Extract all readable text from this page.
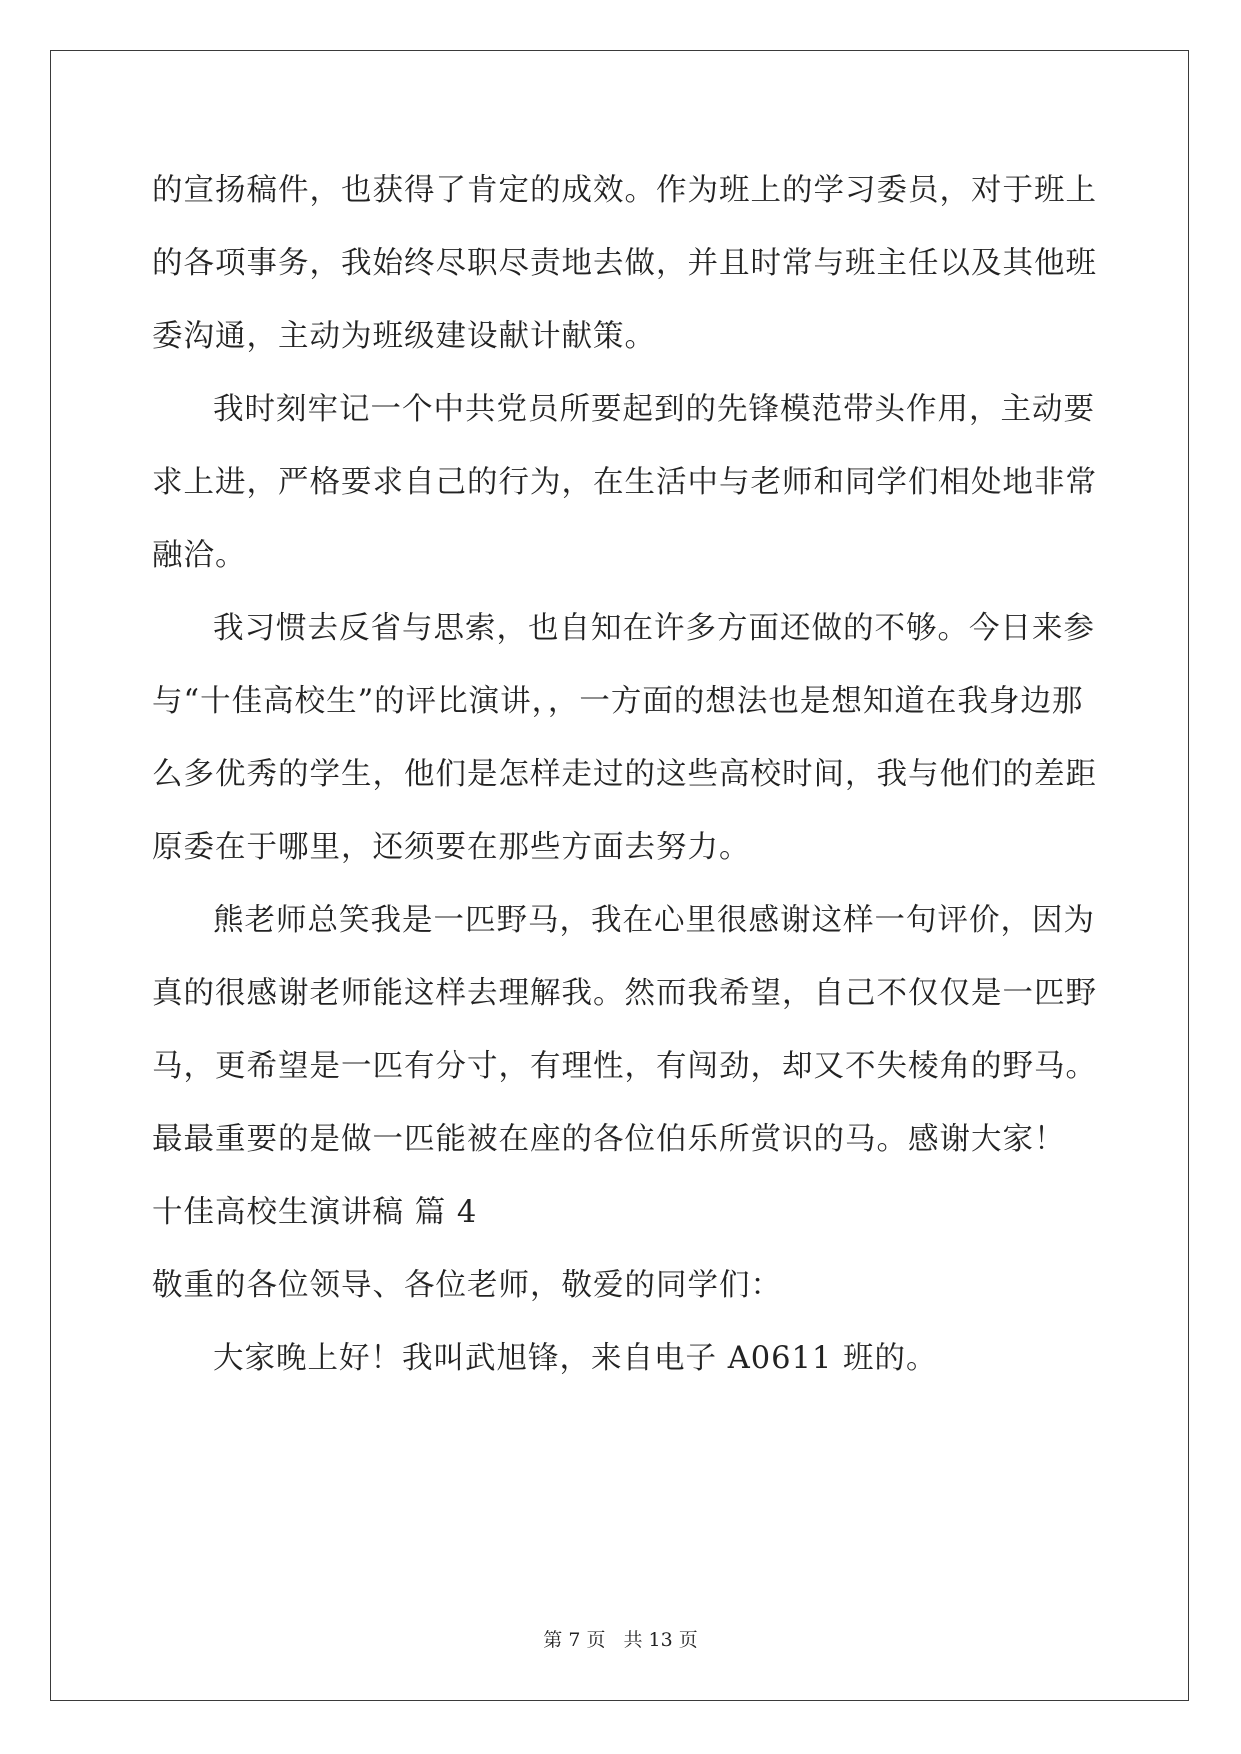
的宣扬稿件，也获得了肯定的成效。作为班上的学习委员，对于班上
的各项事务，我始终尽职尽责地去做，并且时常与班主任以及其他班
委沟通，主动为班级建设献计献策。
我时刻牢记一个中共党员所要起到的先锋模范带头作用，主动要
求上进，严格要求自己的行为，在生活中与老师和同学们相处地非常
融洽。
我习惯去反省与思索，也自知在许多方面还做的不够。今日来参
与“十佳高校生”的评比演讲，，一方面的想法也是想知道在我身边那
么多优秀的学生，他们是怎样走过的这些高校时间，我与他们的差距
原委在于哪里，还须要在那些方面去努力。
熊老师总笑我是一匹野马，我在心里很感谢这样一句评价，因为
真的很感谢老师能这样去理解我。然而我希望，自己不仅仅是一匹野
马，更希望是一匹有分寸，有理性，有闯劲，却又不失棱角的野马。
最最重要的是做一匹能被在座的各位伯乐所赏识的马。感谢大家！
十佳高校生演讲稿 篇 4
敬重的各位领导、各位老师，敬爱的同学们：
大家晚上好！我叫武旭锋，来自电子 A0611 班的。
第 7 页 共 13 页
